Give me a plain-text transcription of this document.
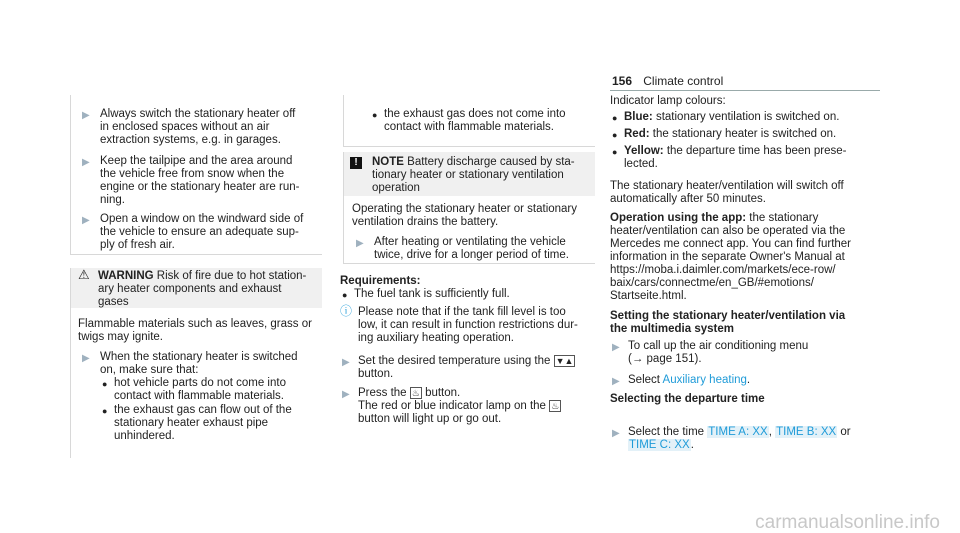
156 Climate control
▶ Always switch the stationary heater off
in enclosed spaces without an air
extraction systems, e.g. in garages.
▶ Keep the tailpipe and the area around
the vehicle free from snow when the
engine or the stationary heater are run-
ning.
▶ Open a window on the windward side of
the vehicle to ensure an adequate sup-
ply of fresh air.
⚠ WARNING Risk of fire due to hot station-
ary heater components and exhaust
gases
Flammable materials such as leaves, grass or
twigs may ignite.
▶ When the stationary heater is switched
on, make sure that:
● hot vehicle parts do not come into
contact with flammable materials.
● the exhaust gas can flow out of the
stationary heater exhaust pipe
unhindered.
● the exhaust gas does not come into
contact with flammable materials.
!	NOTE Battery discharge caused by sta-
tionary heater or stationary ventilation
operation
Operating the stationary heater or stationary
ventilation drains the battery.
▶ After heating or ventilating the vehicle
twice, drive for a longer period of time.
Requirements:
● The fuel tank is sufficiently full.
ⓘ Please note that if the tank fill level is too
low, it can result in function restrictions dur-
ing auxiliary heating operation.
▶ Set the desired temperature using the ▼▲
button.
▶ Press the ♨ button.
The red or blue indicator lamp on the ♨
button will light up or go out.
Indicator lamp colours:
● Blue: stationary ventilation is switched on.
● Red: the stationary heater is switched on.
● Yellow: the departure time has been prese-
lected.
The stationary heater/ventilation will switch off
automatically after 50 minutes.
Operation using the app: the stationary
heater/ventilation can also be operated via the
Mercedes me connect app. You can find further
information in the separate Owner's Manual at
https://moba.i.daimler.com/markets/ece-row/
baix/cars/connectme/en_GB/#emotions/
Startseite.html.
Setting the stationary heater/ventilation via
the multimedia system
▶ To call up the air conditioning menu
(→ page 151).
▶ Select Auxiliary heating.
Selecting the departure time
▶ Select the time TIME A: XX, TIME B: XX or
TIME C: XX.
carmanualsonline.info
